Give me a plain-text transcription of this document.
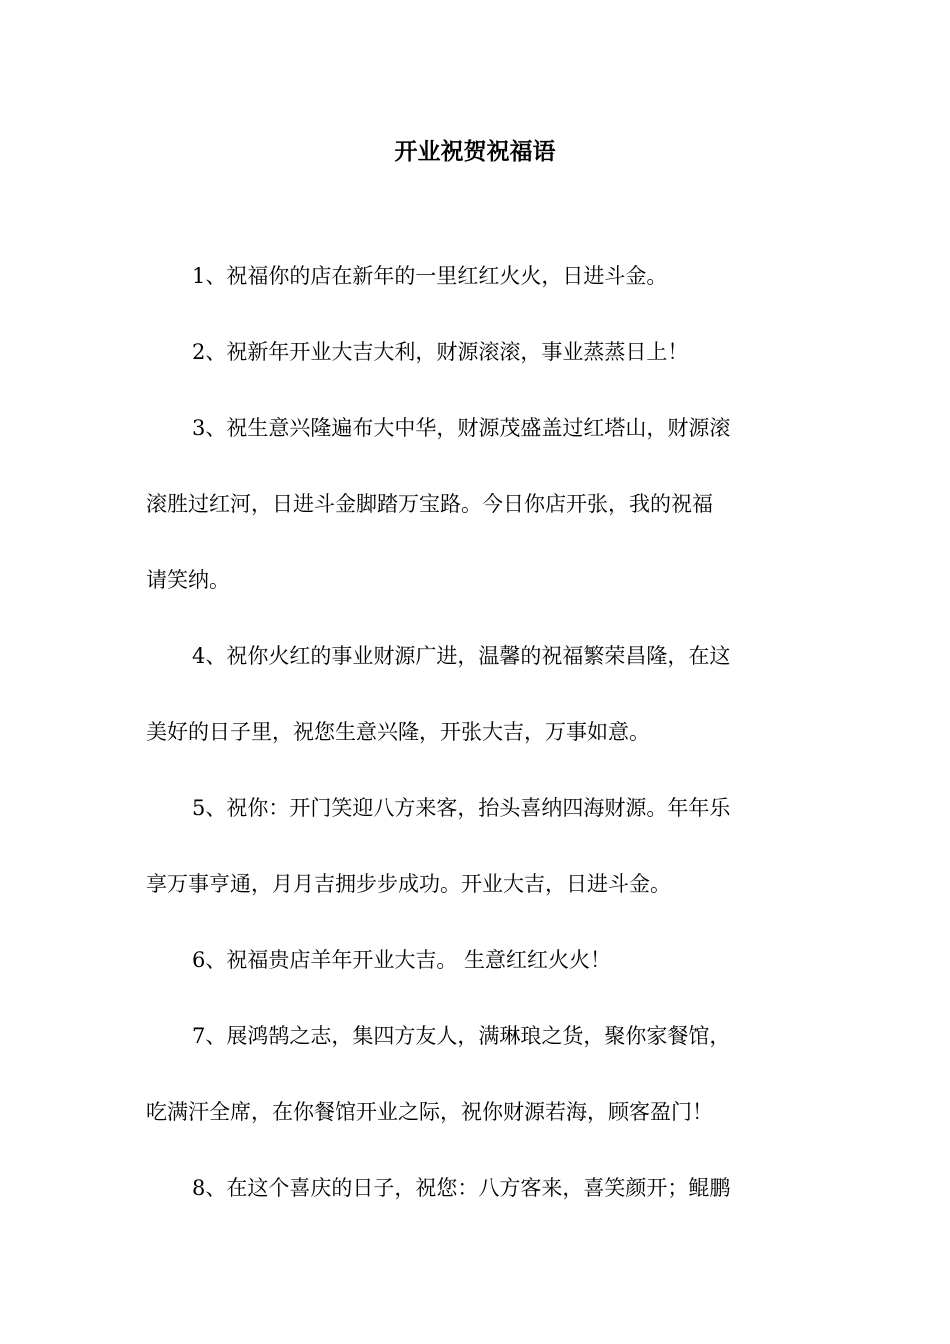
开业祝贺祝福语

1、祝福你的店在新年的一里红红火火，日进斗金。

2、祝新年开业大吉大利，财源滚滚，事业蒸蒸日上！

3、祝生意兴隆遍布大中华，财源茂盛盖过红塔山，财源滚
滚胜过红河，日进斗金脚踏万宝路。今日你店开张，我的祝福
请笑纳。

4、祝你火红的事业财源广进，温馨的祝福繁荣昌隆，在这
美好的日子里，祝您生意兴隆，开张大吉，万事如意。

5、祝你：开门笑迎八方来客，抬头喜纳四海财源。年年乐
享万事亨通，月月吉拥步步成功。开业大吉，日进斗金。

6、祝福贵店羊年开业大吉。 生意红红火火！

7、展鸿鹄之志，集四方友人，满琳琅之货，聚你家餐馆，
吃满汗全席，在你餐馆开业之际，祝你财源若海，顾客盈门！

8、在这个喜庆的日子，祝您：八方客来，喜笑颜开；鲲鹏
